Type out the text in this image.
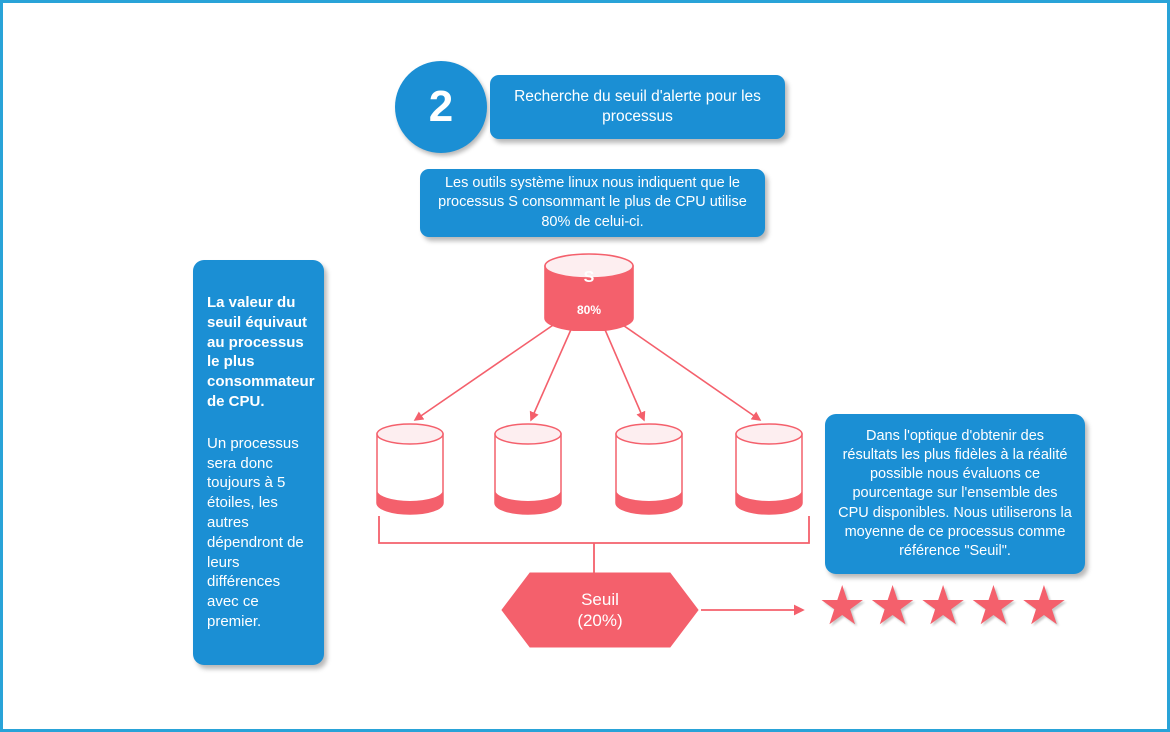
2	Recherche du seuil d'alerte pour les processus
Les outils système linux nous indiquent que le processus S consommant le plus de CPU utilise 80% de celui-ci.

La valeur du seuil équivaut au processus le plus consommateur de CPU.

Un processus sera donc toujours à 5 étoiles, les autres dépendront de leurs différences avec ce premier.

Dans l'optique d'obtenir des résultats les plus fidèles à la réalité possible nous évaluons ce pourcentage sur l'ensemble des CPU disponibles. Nous utiliserons la moyenne de ce processus comme référence "Seuil".
S
80%
20%	20%	20%	20%
Seuil
(20%)	★ ★ ★ ★ ★
